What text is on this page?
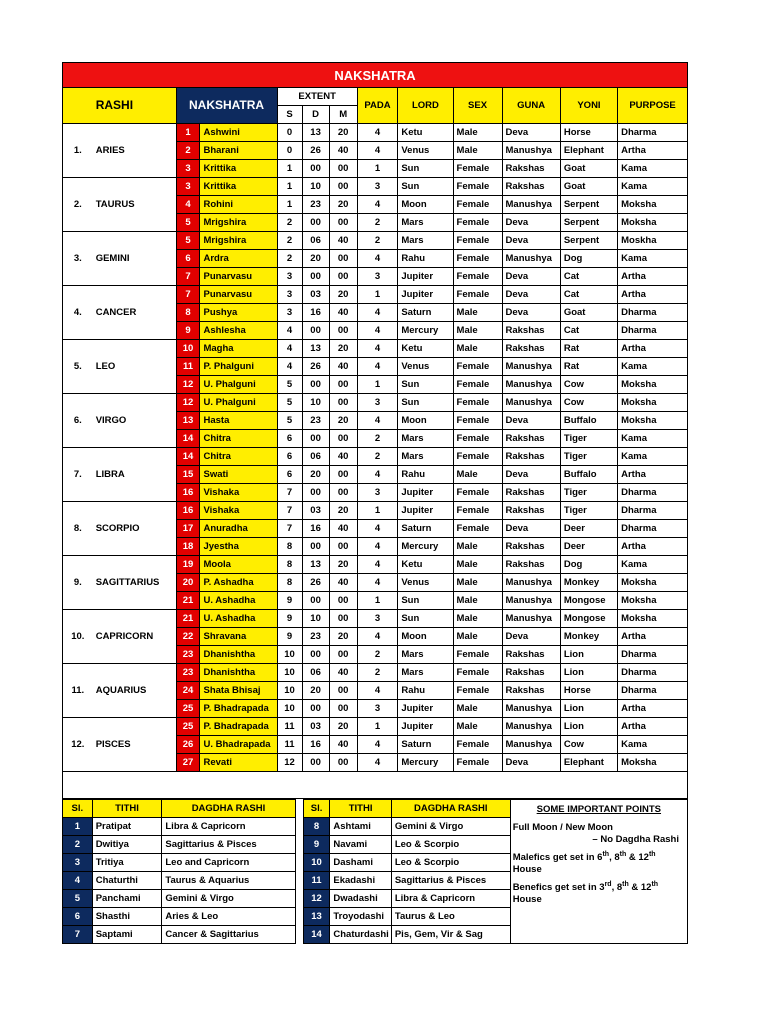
NAKSHATRA												
	RASHI	NAKSHATRA		EXTENT			PADA	LORD	SEX	GUNA	YONI	PURPOSE
				S	D	M						
1.	ARIES	1	Ashwini	0	13	20	4	Ketu	Male	Deva	Horse	Dharma
		2	Bharani	0	26	40	4	Venus	Male	Manushya	Elephant	Artha
		3	Krittika	1	00	00	1	Sun	Female	Rakshas	Goat	Kama
2.	TAURUS	3	Krittika	1	10	00	3	Sun	Female	Rakshas	Goat	Kama
		4	Rohini	1	23	20	4	Moon	Female	Manushya	Serpent	Moksha
		5	Mrigshira	2	00	00	2	Mars	Female	Deva	Serpent	Moksha
3.	GEMINI	5	Mrigshira	2	06	40	2	Mars	Female	Deva	Serpent	Moskha
		6	Ardra	2	20	00	4	Rahu	Female	Manushya	Dog	Kama
		7	Punarvasu	3	00	00	3	Jupiter	Female	Deva	Cat	Artha
4.	CANCER	7	Punarvasu	3	03	20	1	Jupiter	Female	Deva	Cat	Artha
		8	Pushya	3	16	40	4	Saturn	Male	Deva	Goat	Dharma
		9	Ashlesha	4	00	00	4	Mercury	Male	Rakshas	Cat	Dharma
5.	LEO	10	Magha	4	13	20	4	Ketu	Male	Rakshas	Rat	Artha
		11	P. Phalguni	4	26	40	4	Venus	Female	Manushya	Rat	Kama
		12	U. Phalguni	5	00	00	1	Sun	Female	Manushya	Cow	Moksha
6.	VIRGO	12	U. Phalguni	5	10	00	3	Sun	Female	Manushya	Cow	Moksha
		13	Hasta	5	23	20	4	Moon	Female	Deva	Buffalo	Moksha
		14	Chitra	6	00	00	2	Mars	Female	Rakshas	Tiger	Kama
7.	LIBRA	14	Chitra	6	06	40	2	Mars	Female	Rakshas	Tiger	Kama
		15	Swati	6	20	00	4	Rahu	Male	Deva	Buffalo	Artha
		16	Vishaka	7	00	00	3	Jupiter	Female	Rakshas	Tiger	Dharma
8.	SCORPIO	16	Vishaka	7	03	20	1	Jupiter	Female	Rakshas	Tiger	Dharma
		17	Anuradha	7	16	40	4	Saturn	Female	Deva	Deer	Dharma
		18	Jyestha	8	00	00	4	Mercury	Male	Rakshas	Deer	Artha
9.	SAGITTARIUS	19	Moola	8	13	20	4	Ketu	Male	Rakshas	Dog	Kama
		20	P. Ashadha	8	26	40	4	Venus	Male	Manushya	Monkey	Moksha
		21	U. Ashadha	9	00	00	1	Sun	Male	Manushya	Mongose	Moksha
10.	CAPRICORN	21	U. Ashadha	9	10	00	3	Sun	Male	Manushya	Mongose	Moksha
		22	Shravana	9	23	20	4	Moon	Male	Deva	Monkey	Artha
		23	Dhanishtha	10	00	00	2	Mars	Female	Rakshas	Lion	Dharma
11.	AQUARIUS	23	Dhanishtha	10	06	40	2	Mars	Female	Rakshas	Lion	Dharma
		24	Shata Bhisaj	10	20	00	4	Rahu	Female	Rakshas	Horse	Dharma
		25	P. Bhadrapada	10	00	00	3	Jupiter	Male	Manushya	Lion	Artha
12.	PISCES	25	P. Bhadrapada	11	03	20	1	Jupiter	Male	Manushya	Lion	Artha
		26	U. Bhadrapada	11	16	40	4	Saturn	Female	Manushya	Cow	Kama
		27	Revati	12	00	00	4	Mercury	Female	Deva	Elephant	Moksha

Sl.	TITHI	DAGDHA RASHI		Sl.	TITHI	DAGDHA RASHI	SOME IMPORTANT POINTS

Full Moon / New Moon

– No Dagdha Rashi

Malefics get set in 6th, 8th & 12th House

Benefics get set in 3rd, 8th & 12th House

1	Pratipat	Libra & Capricorn		8	Ashtami	Gemini & Virgo	
2	Dwitiya	Sagittarius & Pisces		9	Navami	Leo & Scorpio	
3	Tritiya	Leo and Capricorn		10	Dashami	Leo & Scorpio	
4	Chaturthi	Taurus & Aquarius		11	Ekadashi	Sagittarius & Pisces	
5	Panchami	Gemini & Virgo		12	Dwadashi	Libra & Capricorn	
6	Shasthi	Aries & Leo		13	Troyodashi	Taurus & Leo	
7	Saptami	Cancer & Sagittarius		14	Chaturdashi	Pis, Gem, Vir & Sag	
